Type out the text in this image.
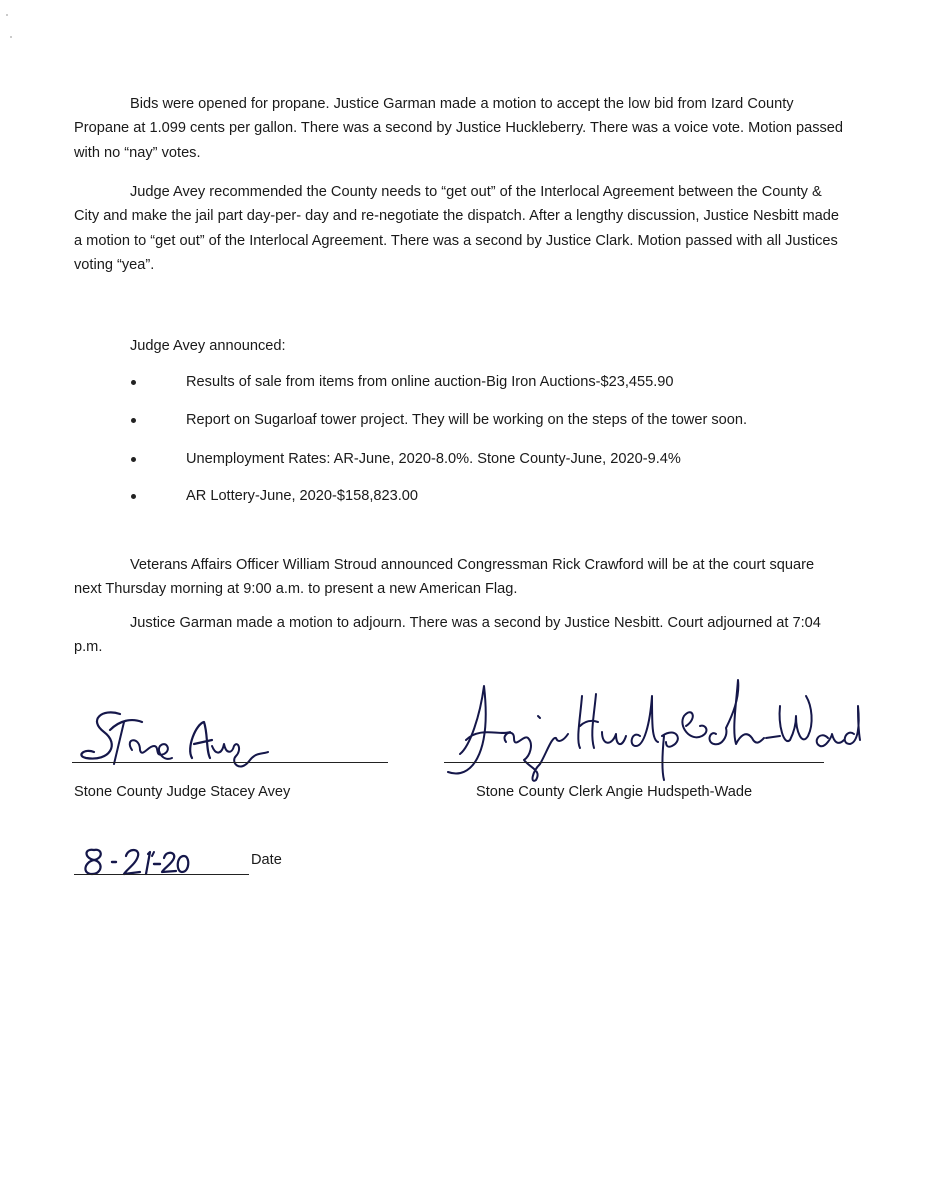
Bids were opened for propane. Justice Garman made a motion to accept the low bid from Izard County Propane at 1.099 cents per gallon. There was a second by Justice Huckleberry. There was a voice vote. Motion passed with no “nay” votes.

Judge Avey recommended the County needs to “get out” of the Interlocal Agreement between the County & City and make the jail part day-per- day and re-negotiate the dispatch. After a lengthy discussion, Justice Nesbitt made a motion to “get out” of the Interlocal Agreement. There was a second by Justice Clark. Motion passed with all Justices voting “yea”.

Judge Avey announced:

Results of sale from items from online auction-Big Iron Auctions-$23,455.90
Report on Sugarloaf tower project. They will be working on the steps of the tower soon.
Unemployment Rates: AR-June, 2020-8.0%. Stone County-June, 2020-9.4%
AR Lottery-June, 2020-$158,823.00

Veterans Affairs Officer William Stroud announced Congressman Rick Crawford will be at the court square next Thursday morning at 9:00 a.m. to present a new American Flag.

Justice Garman made a motion to adjourn. There was a second by Justice Nesbitt. Court adjourned at 7:04 p.m.

Stone County Judge Stacey Avey	Stone County Clerk Angie Hudspeth-Wade

Date
